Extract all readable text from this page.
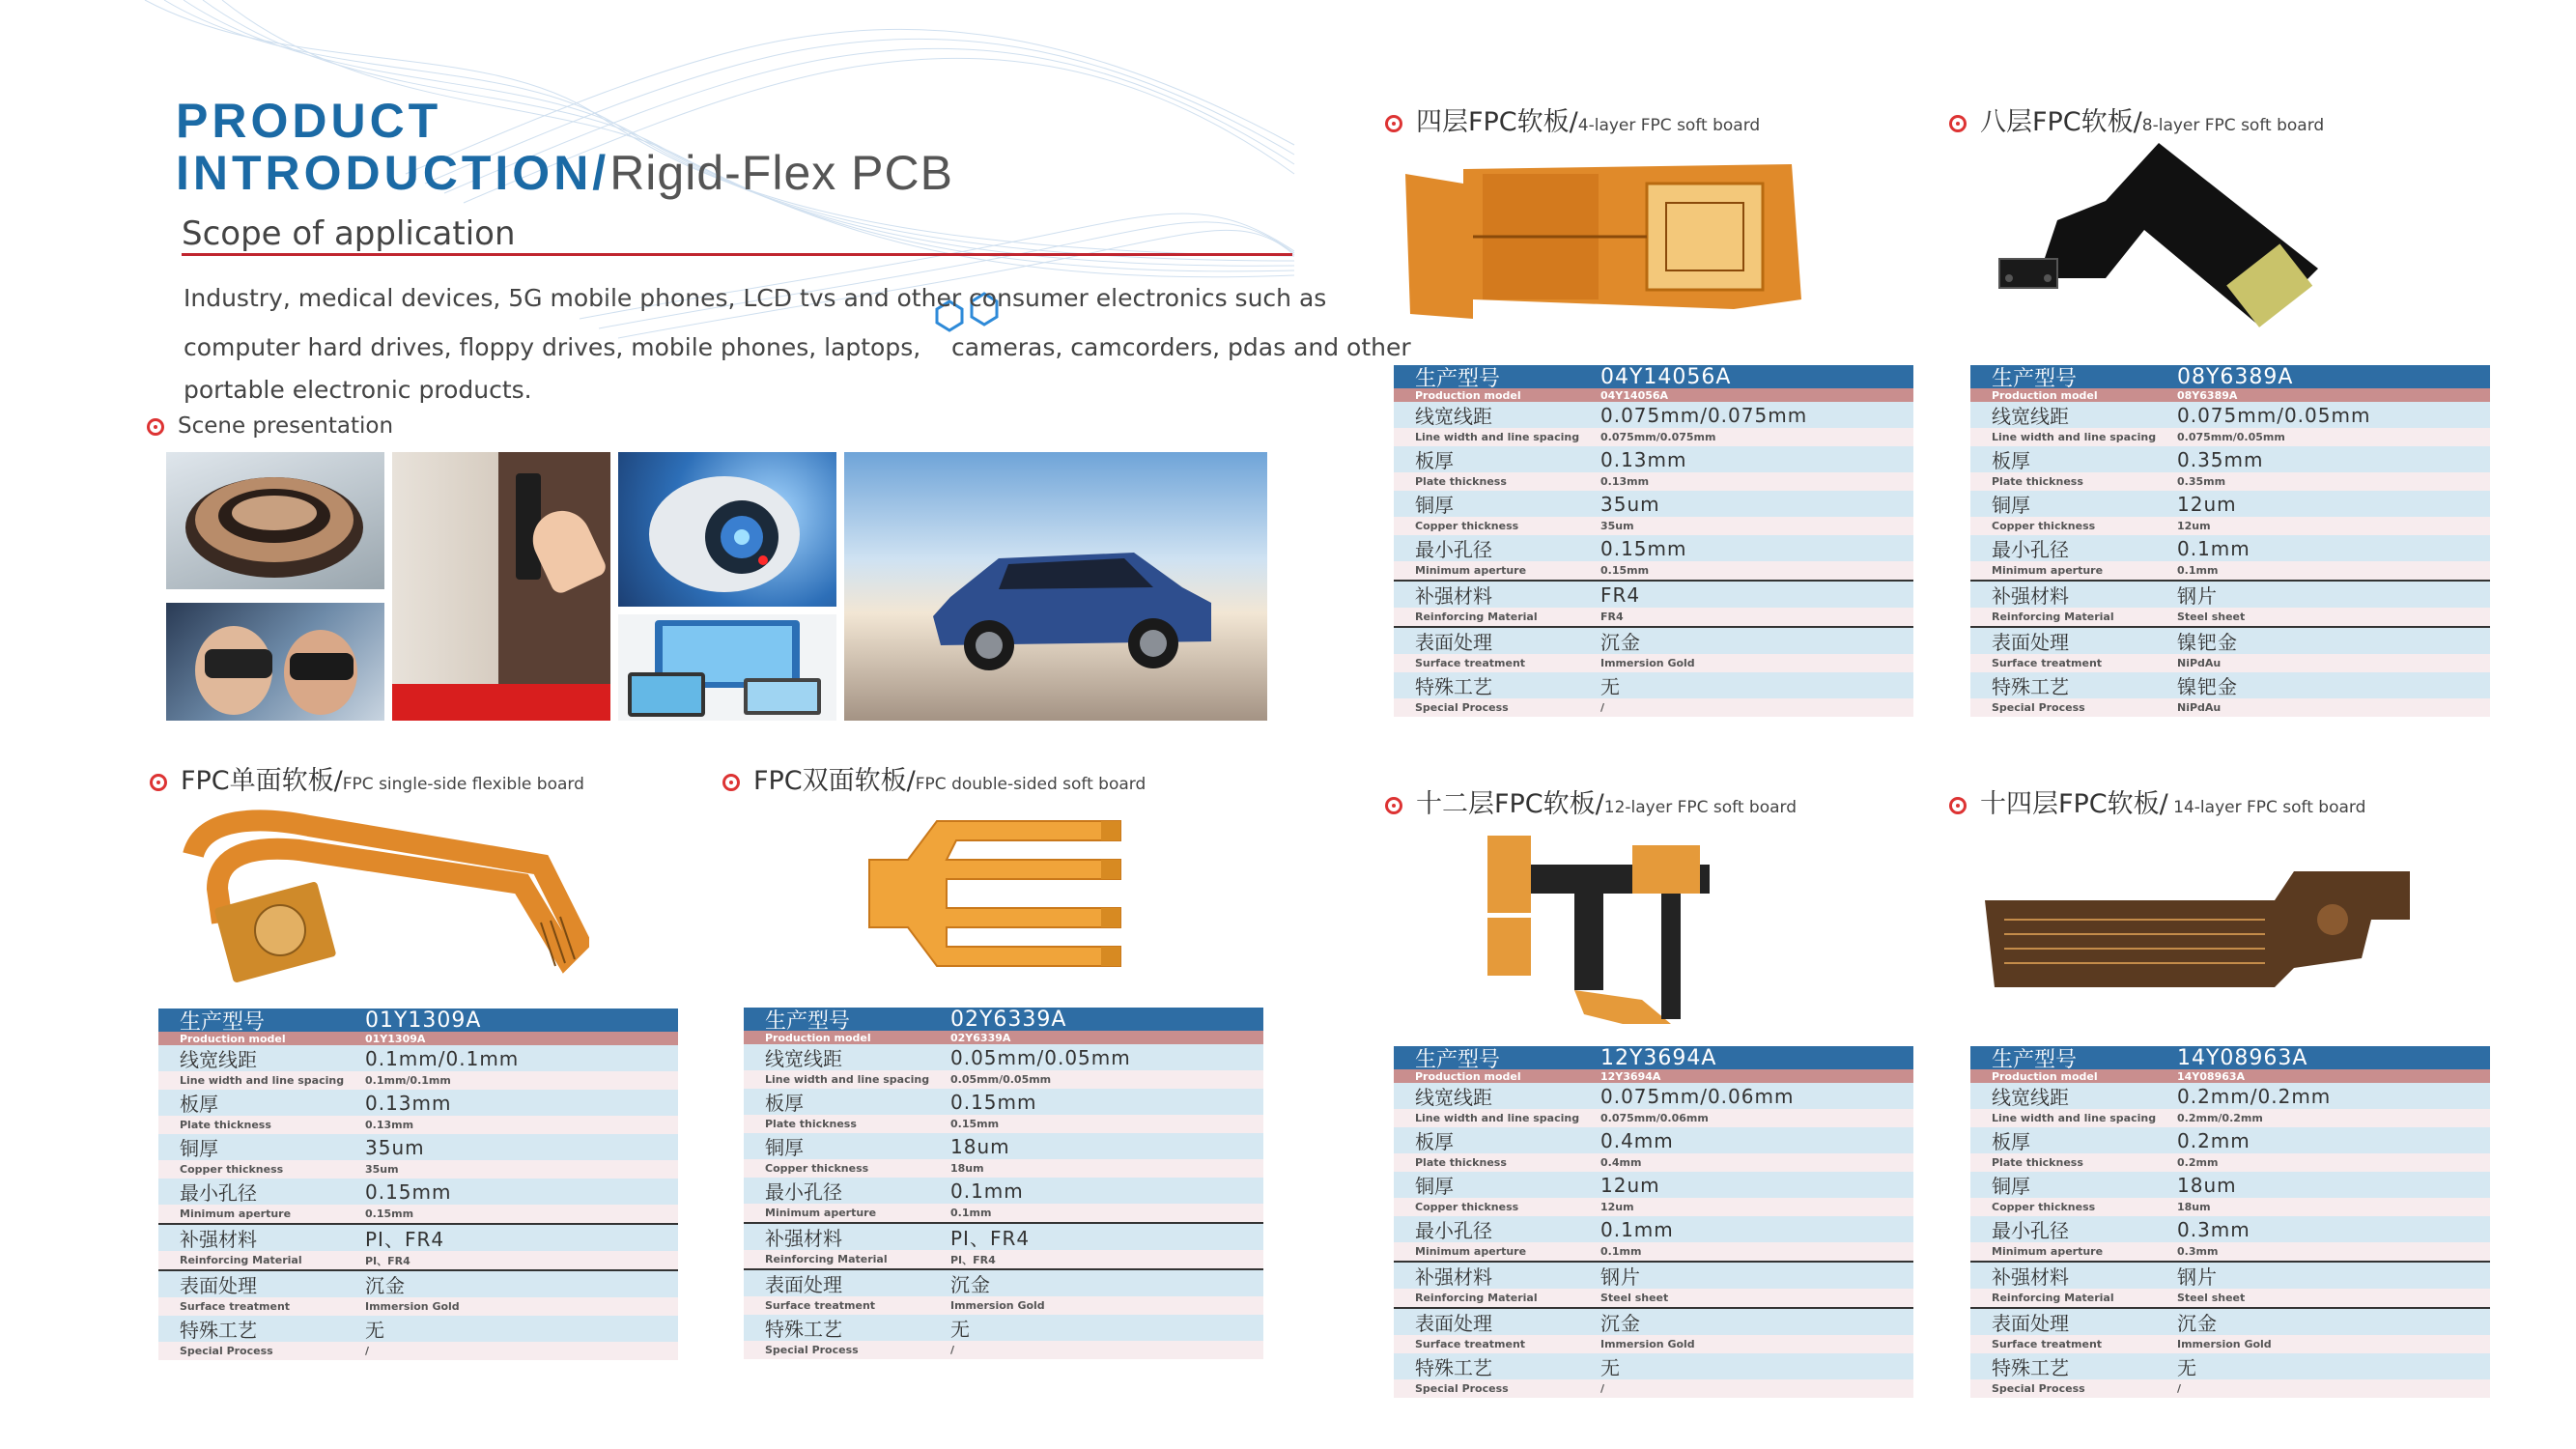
PRODUCT
INTRODUCTION/Rigid-Flex PCB
Scope of application
Industry, medical devices, 5G mobile phones, LCD tvs and other consumer electronics such as
computer hard drives, floppy drives, mobile phones, laptops,    cameras, camcorders, pdas and other
portable electronic products.
Scene presentation
FPC单面软板/FPC single-side flexible board	FPC双面软板/FPC double-sided soft board
四层FPC软板/4-layer FPC soft board	八层FPC软板/8-layer FPC soft board
十二层FPC软板/12-layer FPC soft board	十四层FPC软板/ 14-layer FPC soft board
生产型号	01Y1309A
Production model	01Y1309A
线宽线距	0.1mm/0.1mm
Line width and line spacing	0.1mm/0.1mm
板厚	0.13mm
Plate thickness	0.13mm
铜厚	35um
Copper thickness	35um
最小孔径	0.15mm
Minimum aperture	0.15mm
补强材料	PI、FR4
Reinforcing Material	PI、FR4
表面处理	沉金
Surface treatment	Immersion Gold
特殊工艺	无
Special Process	/
生产型号	02Y6339A
Production model	02Y6339A
线宽线距	0.05mm/0.05mm
Line width and line spacing	0.05mm/0.05mm
板厚	0.15mm
Plate thickness	0.15mm
铜厚	18um
Copper thickness	18um
最小孔径	0.1mm
Minimum aperture	0.1mm
补强材料	PI、FR4
Reinforcing Material	PI、FR4
表面处理	沉金
Surface treatment	Immersion Gold
特殊工艺	无
Special Process	/
生产型号	04Y14056A
Production model	04Y14056A
线宽线距	0.075mm/0.075mm
Line width and line spacing	0.075mm/0.075mm
板厚	0.13mm
Plate thickness	0.13mm
铜厚	35um
Copper thickness	35um
最小孔径	0.15mm
Minimum aperture	0.15mm
补强材料	FR4
Reinforcing Material	FR4
表面处理	沉金
Surface treatment	Immersion Gold
特殊工艺	无
Special Process	/
生产型号	08Y6389A
Production model	08Y6389A
线宽线距	0.075mm/0.05mm
Line width and line spacing	0.075mm/0.05mm
板厚	0.35mm
Plate thickness	0.35mm
铜厚	12um
Copper thickness	12um
最小孔径	0.1mm
Minimum aperture	0.1mm
补强材料	钢片
Reinforcing Material	Steel sheet
表面处理	镍钯金
Surface treatment	NiPdAu
特殊工艺	镍钯金
Special Process	NiPdAu
生产型号	12Y3694A
Production model	12Y3694A
线宽线距	0.075mm/0.06mm
Line width and line spacing	0.075mm/0.06mm
板厚	0.4mm
Plate thickness	0.4mm
铜厚	12um
Copper thickness	12um
最小孔径	0.1mm
Minimum aperture	0.1mm
补强材料	钢片
Reinforcing Material	Steel sheet
表面处理	沉金
Surface treatment	Immersion Gold
特殊工艺	无
Special Process	/
生产型号	14Y08963A
Production model	14Y08963A
线宽线距	0.2mm/0.2mm
Line width and line spacing	0.2mm/0.2mm
板厚	0.2mm
Plate thickness	0.2mm
铜厚	18um
Copper thickness	18um
最小孔径	0.3mm
Minimum aperture	0.3mm
补强材料	钢片
Reinforcing Material	Steel sheet
表面处理	沉金
Surface treatment	Immersion Gold
特殊工艺	无
Special Process	/
